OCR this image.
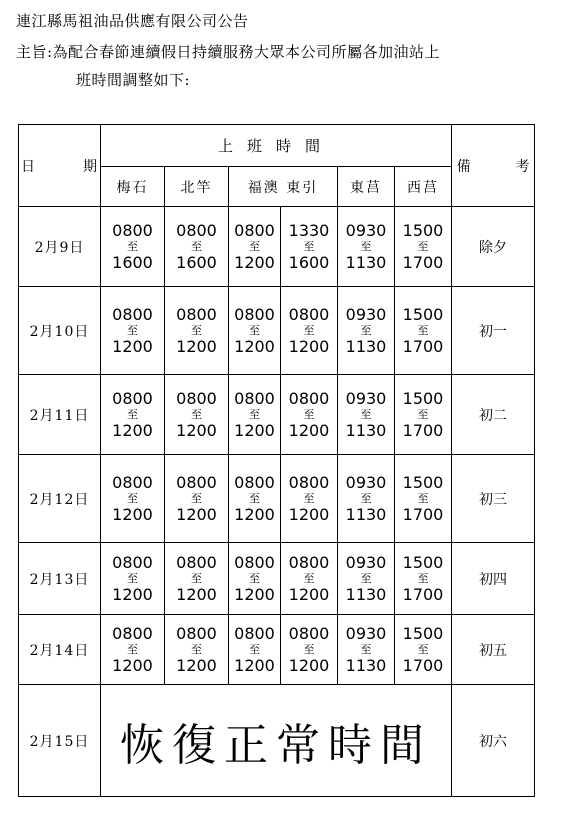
連江縣馬祖油品供應有限公司公告
主旨:為配合春節連續假日持續服務大眾本公司所屬各加油站上
班時間調整如下:
日 期	上班時間						備 考
	梅石	北竿	福澳 東引		東莒	西莒	
2月9日	0800
至
1600	0800
至
1600	0800
至
1200	1330
至
1600	0930
至
1130	1500
至
1700	除夕
2月10日	0800
至
1200	0800
至
1200	0800
至
1200	0800
至
1200	0930
至
1130	1500
至
1700	初一
2月11日	0800
至
1200	0800
至
1200	0800
至
1200	0800
至
1200	0930
至
1130	1500
至
1700	初二
2月12日	0800
至
1200	0800
至
1200	0800
至
1200	0800
至
1200	0930
至
1130	1500
至
1700	初三
2月13日	0800
至
1200	0800
至
1200	0800
至
1200	0800
至
1200	0930
至
1130	1500
至
1700	初四
2月14日	0800
至
1200	0800
至
1200	0800
至
1200	0800
至
1200	0930
至
1130	1500
至
1700	初五
2月15日	恢復正常時間						初六
